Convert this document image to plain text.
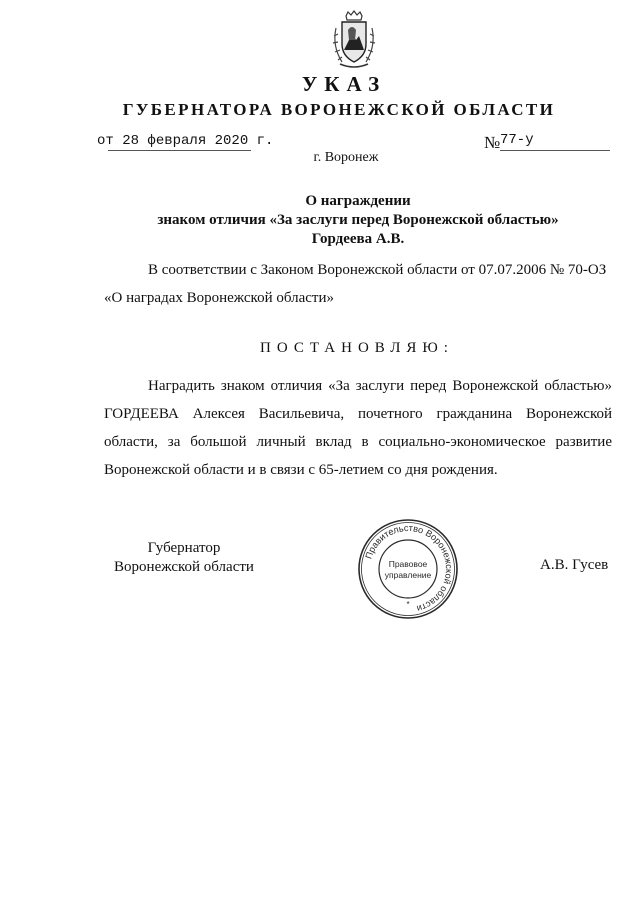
УКАЗ
ГУБЕРНАТОРА ВОРОНЕЖСКОЙ ОБЛАСТИ
от 28 февраля 2020 г.	№ 77-у
г. Воронеж
О награждении
знаком отличия «За заслуги перед Воронежской областью»
Гордеева А.В.

В соответствии с Законом Воронежской области от 07.07.2006 № 70-ОЗ «О наградах Воронежской области»

ПОСТАНОВЛЯЮ:

Наградить знаком отличия «За заслуги перед Воронежской областью» ГОРДЕЕВА Алексея Васильевича, почетного гражданина Воронежской области, за большой личный вклад в социально-экономическое развитие Воронежской области и в связи с 65-летием со дня рождения.

Губернатор
Воронежской области
Правительство Воронежской области
Правовое
управление
*
А.В. Гусев
